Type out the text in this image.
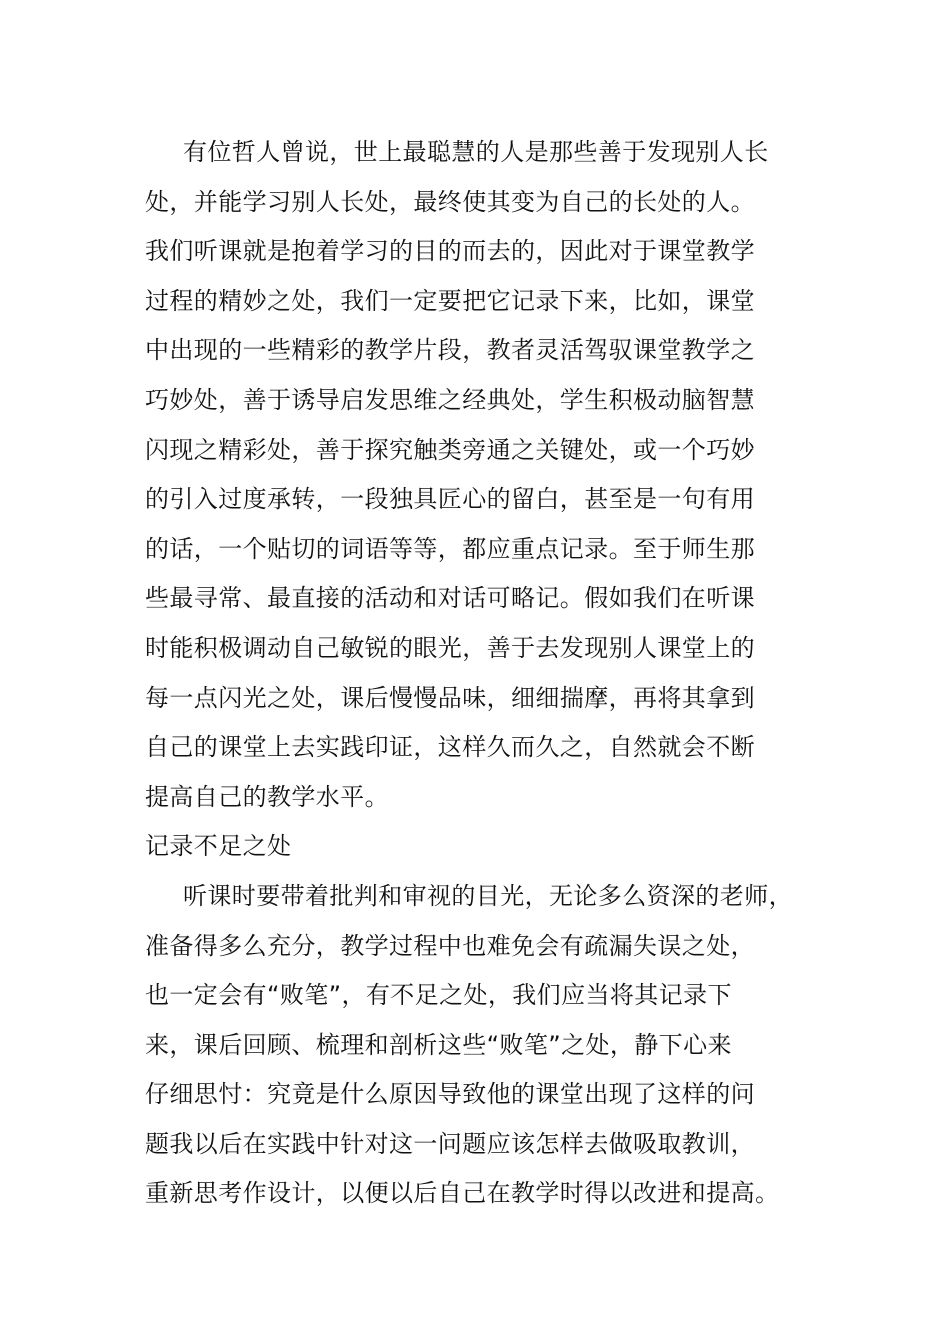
有位哲人曾说，世上最聪慧的人是那些善于发现别人长
处，并能学习别人长处，最终使其变为自己的长处的人。
我们听课就是抱着学习的目的而去的，因此对于课堂教学
过程的精妙之处，我们一定要把它记录下来，比如，课堂
中出现的一些精彩的教学片段，教者灵活驾驭课堂教学之
巧妙处，善于诱导启发思维之经典处，学生积极动脑智慧
闪现之精彩处，善于探究触类旁通之关键处，或一个巧妙
的引入过度承转，一段独具匠心的留白，甚至是一句有用
的话，一个贴切的词语等等，都应重点记录。至于师生那
些最寻常、最直接的活动和对话可略记。假如我们在听课
时能积极调动自己敏锐的眼光，善于去发现别人课堂上的
每一点闪光之处，课后慢慢品味，细细揣摩，再将其拿到
自己的课堂上去实践印证，这样久而久之，自然就会不断
提高自己的教学水平。
记录不足之处
听课时要带着批判和审视的目光，无论多么资深的老师，
准备得多么充分，教学过程中也难免会有疏漏失误之处，
也一定会有“败笔”，有不足之处，我们应当将其记录下
来，课后回顾、梳理和剖析这些“败笔”之处，静下心来
仔细思忖：究竟是什么原因导致他的课堂出现了这样的问
题我以后在实践中针对这一问题应该怎样去做吸取教训，
重新思考作设计，以便以后自己在教学时得以改进和提高。
